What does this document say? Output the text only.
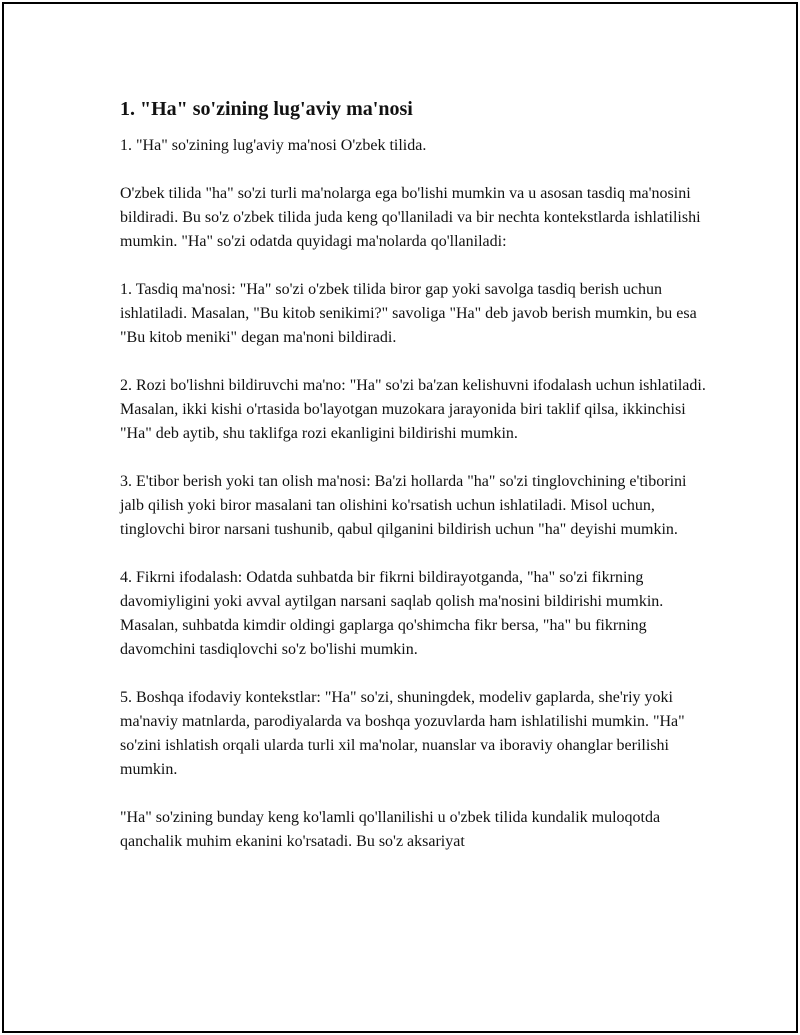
1. "Ha" so'zining lug'aviy ma'nosi

1. "Ha" so'zining lug'aviy ma'nosi O'zbek tilida.

O'zbek tilida "ha" so'zi turli ma'nolarga ega bo'lishi mumkin va u asosan tasdiq ma'nosini bildiradi. Bu so'z o'zbek tilida juda keng qo'llaniladi va bir nechta kontekstlarda ishlatilishi mumkin. "Ha" so'zi odatda quyidagi ma'nolarda qo'llaniladi:

1. Tasdiq ma'nosi: "Ha" so'zi o'zbek tilida biror gap yoki savolga tasdiq berish uchun ishlatiladi. Masalan, "Bu kitob senikimi?" savoliga "Ha" deb javob berish mumkin, bu esa "Bu kitob meniki" degan ma'noni bildiradi.

2. Rozi bo'lishni bildiruvchi ma'no: "Ha" so'zi ba'zan kelishuvni ifodalash uchun ishlatiladi. Masalan, ikki kishi o'rtasida bo'layotgan muzokara jarayonida biri taklif qilsa, ikkinchisi "Ha" deb aytib, shu taklifga rozi ekanligini bildirishi mumkin.

3. E'tibor berish yoki tan olish ma'nosi: Ba'zi hollarda "ha" so'zi tinglovchining e'tiborini jalb qilish yoki biror masalani tan olishini ko'rsatish uchun ishlatiladi. Misol uchun, tinglovchi biror narsani tushunib, qabul qilganini bildirish uchun "ha" deyishi mumkin.

4. Fikrni ifodalash: Odatda suhbatda bir fikrni bildirayotganda, "ha" so'zi fikrning davomiyligini yoki avval aytilgan narsani saqlab qolish ma'nosini bildirishi mumkin. Masalan, suhbatda kimdir oldingi gaplarga qo'shimcha fikr bersa, "ha" bu fikrning davomchini tasdiqlovchi so'z bo'lishi mumkin.

5. Boshqa ifodaviy kontekstlar: "Ha" so'zi, shuningdek, modeliv gaplarda, she'riy yoki ma'naviy matnlarda, parodiyalarda va boshqa yozuvlarda ham ishlatilishi mumkin. "Ha" so'zini ishlatish orqali ularda turli xil ma'nolar, nuanslar va iboraviy ohanglar berilishi mumkin.

"Ha" so'zining bunday keng ko'lamli qo'llanilishi u o'zbek tilida kundalik muloqotda qanchalik muhim ekanini ko'rsatadi. Bu so'z aksariyat
